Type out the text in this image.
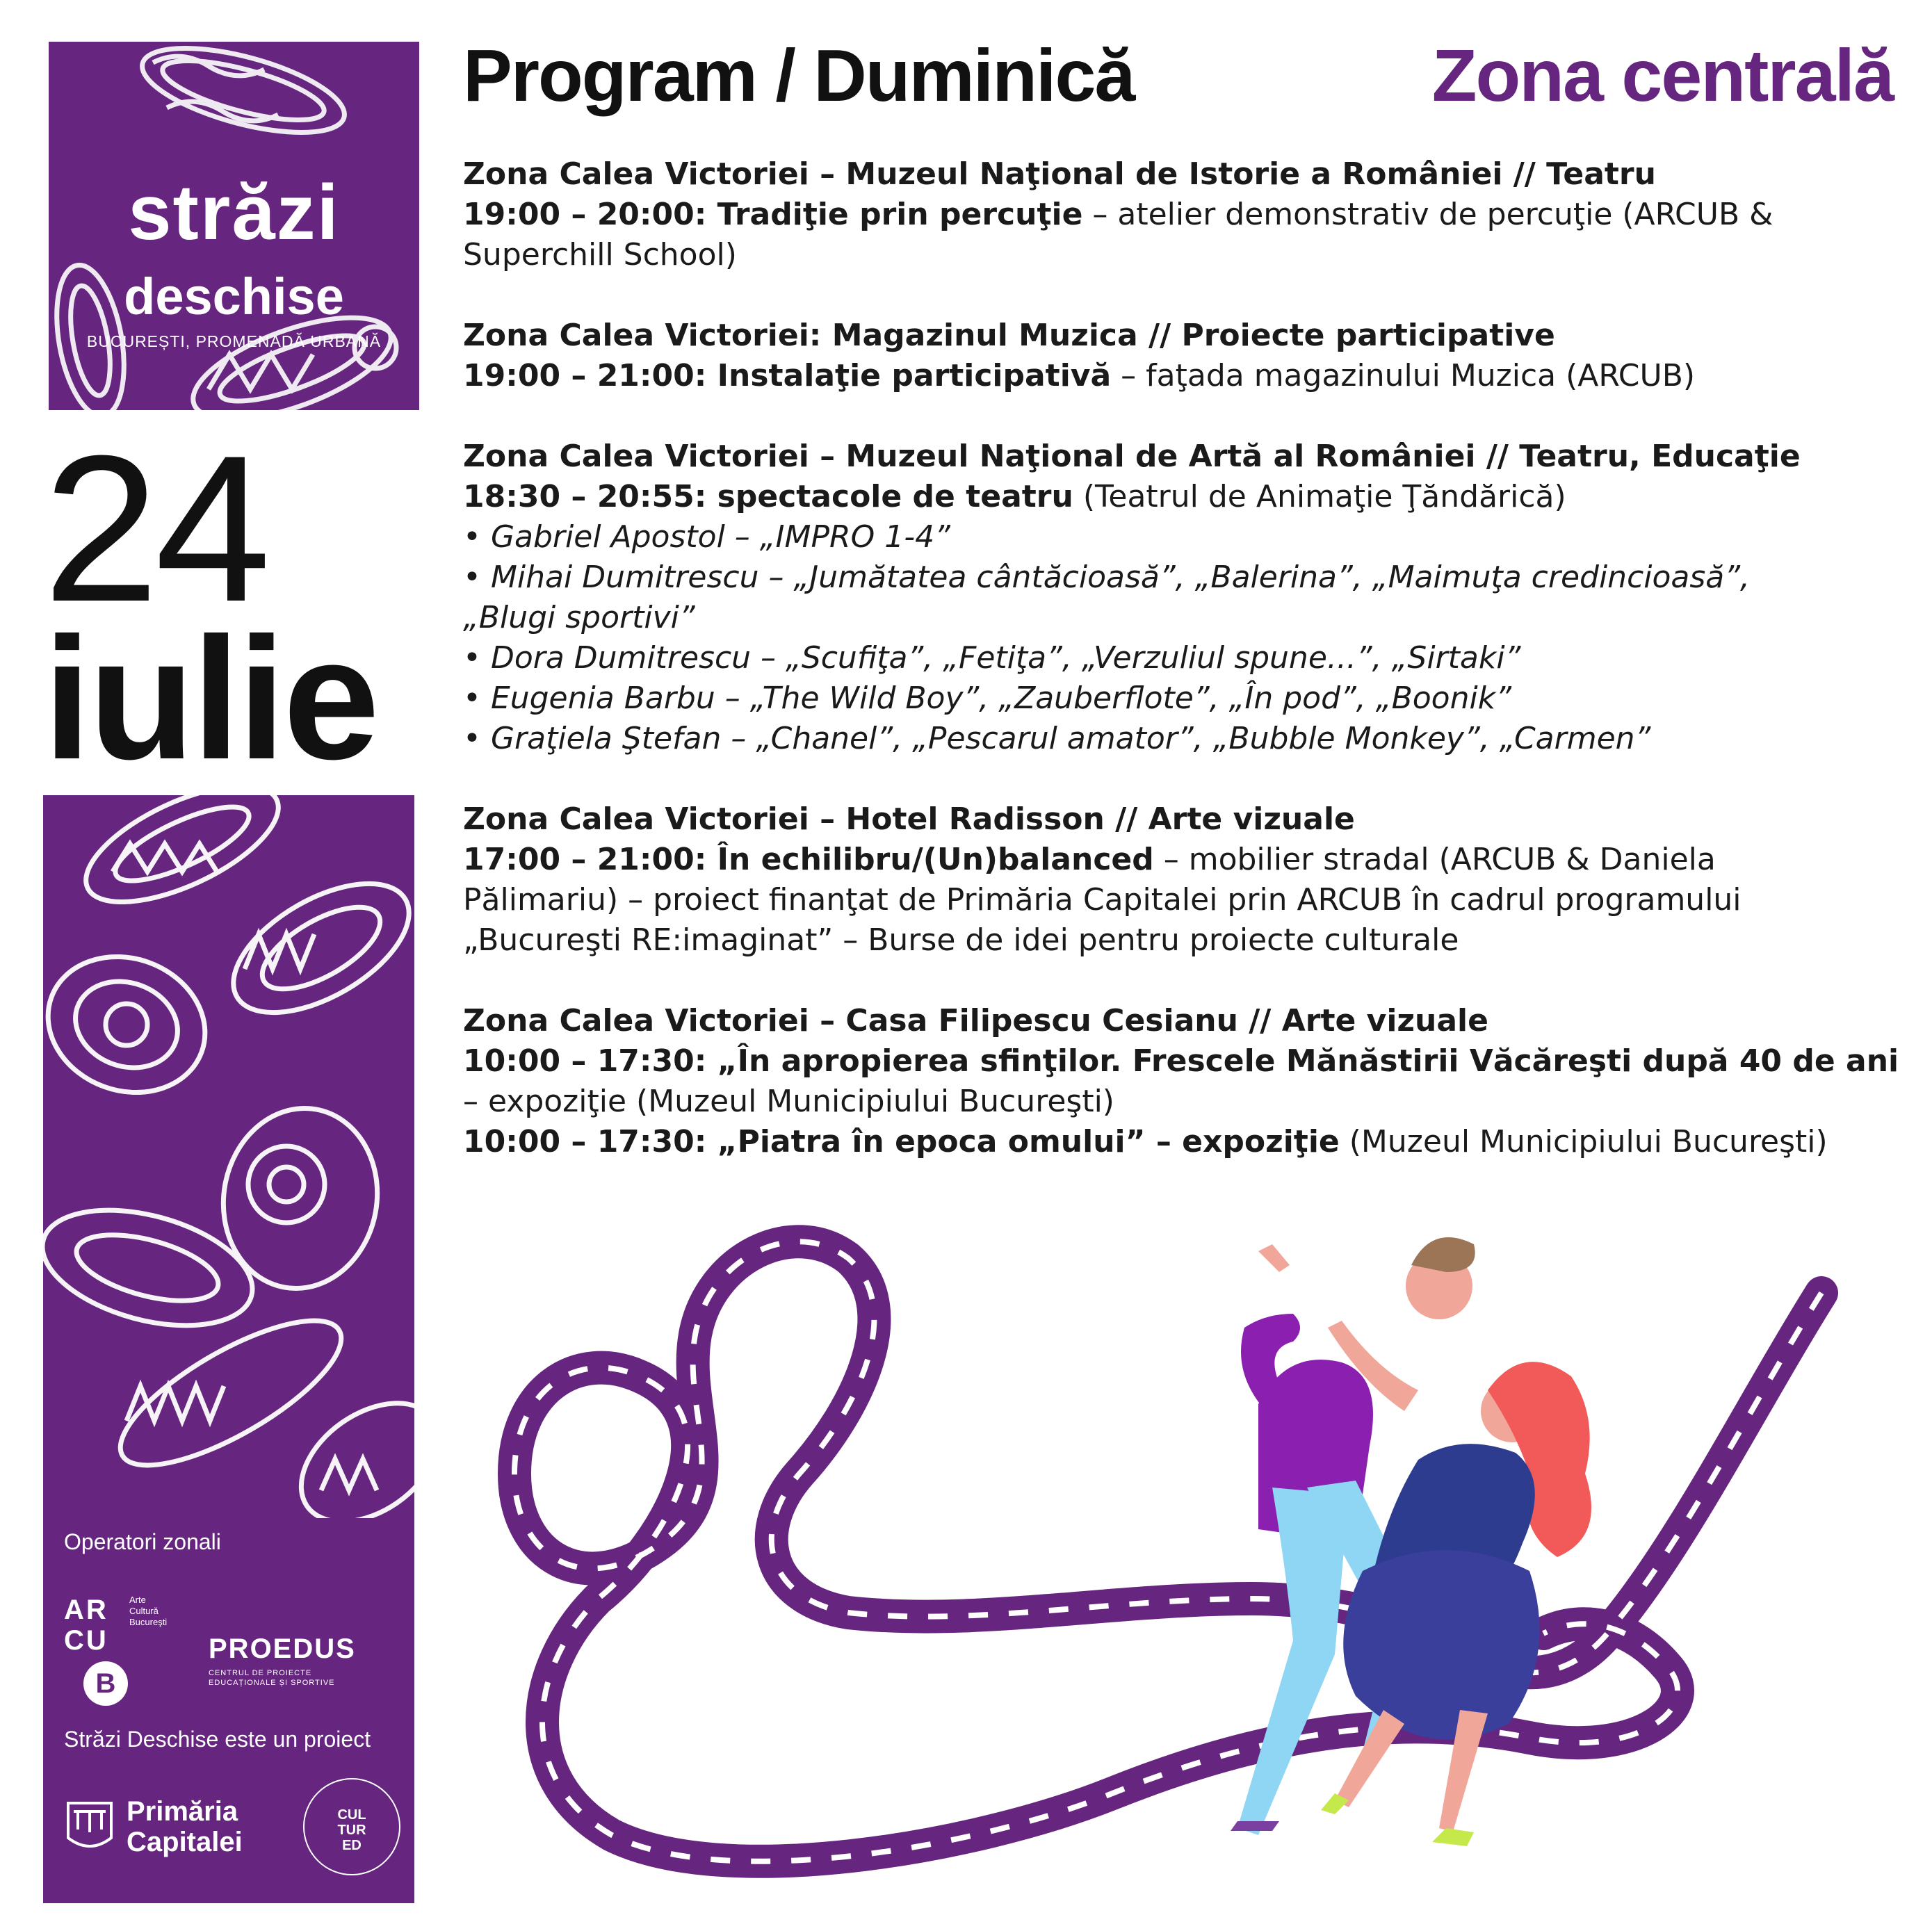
străzi
deschise
BUCUREȘTI, PROMENADĂ URBANĂ
24
iulie
Operatori zonali
AR
CU
Arte
Cultură
Bucureşti
B
PROEDUS
CENTRUL DE PROIECTE EDUCAȚIONALE ȘI SPORTIVE
Străzi Deschise este un proiect
Primăria
Capitalei
CUL
TUR
ED
Program / Duminică	Zona centrală
Zona Calea Victoriei – Muzeul Naţional de Istorie a României // Teatru
19:00 – 20:00: Tradiţie prin percuţie – atelier demonstrativ de percuţie (ARCUB &
Superchill School)
Zona Calea Victoriei: Magazinul Muzica // Proiecte participative
19:00 – 21:00: Instalaţie participativă – faţada magazinului Muzica (ARCUB)
Zona Calea Victoriei – Muzeul Naţional de Artă al României // Teatru, Educaţie
18:30 – 20:55: spectacole de teatru (Teatrul de Animaţie Ţăndărică)
• Gabriel Apostol – „IMPRO 1-4”
• Mihai Dumitrescu – „Jumătatea cântăcioasă”, „Balerina”, „Maimuţa credincioasă”,
„Blugi sportivi”
• Dora Dumitrescu – „Scufiţa”, „Fetiţa”, „Verzuliul spune...”, „Sirtaki”
• Eugenia Barbu – „The Wild Boy”, „Zauberflote”, „În pod”, „Boonik”
• Graţiela Ştefan – „Chanel”, „Pescarul amator”, „Bubble Monkey”, „Carmen”
Zona Calea Victoriei – Hotel Radisson // Arte vizuale
17:00 – 21:00: În echilibru/(Un)balanced – mobilier stradal (ARCUB & Daniela
Pălimariu) – proiect finanţat de Primăria Capitalei prin ARCUB în cadrul programului
„Bucureşti RE:imaginat” – Burse de idei pentru proiecte culturale
Zona Calea Victoriei – Casa Filipescu Cesianu // Arte vizuale
10:00 – 17:30: „În apropierea sfinţilor. Frescele Mănăstirii Văcăreşti după 40 de ani
– expoziţie (Muzeul Municipiului Bucureşti)
10:00 – 17:30: „Piatra în epoca omului” – expoziţie (Muzeul Municipiului Bucureşti)
